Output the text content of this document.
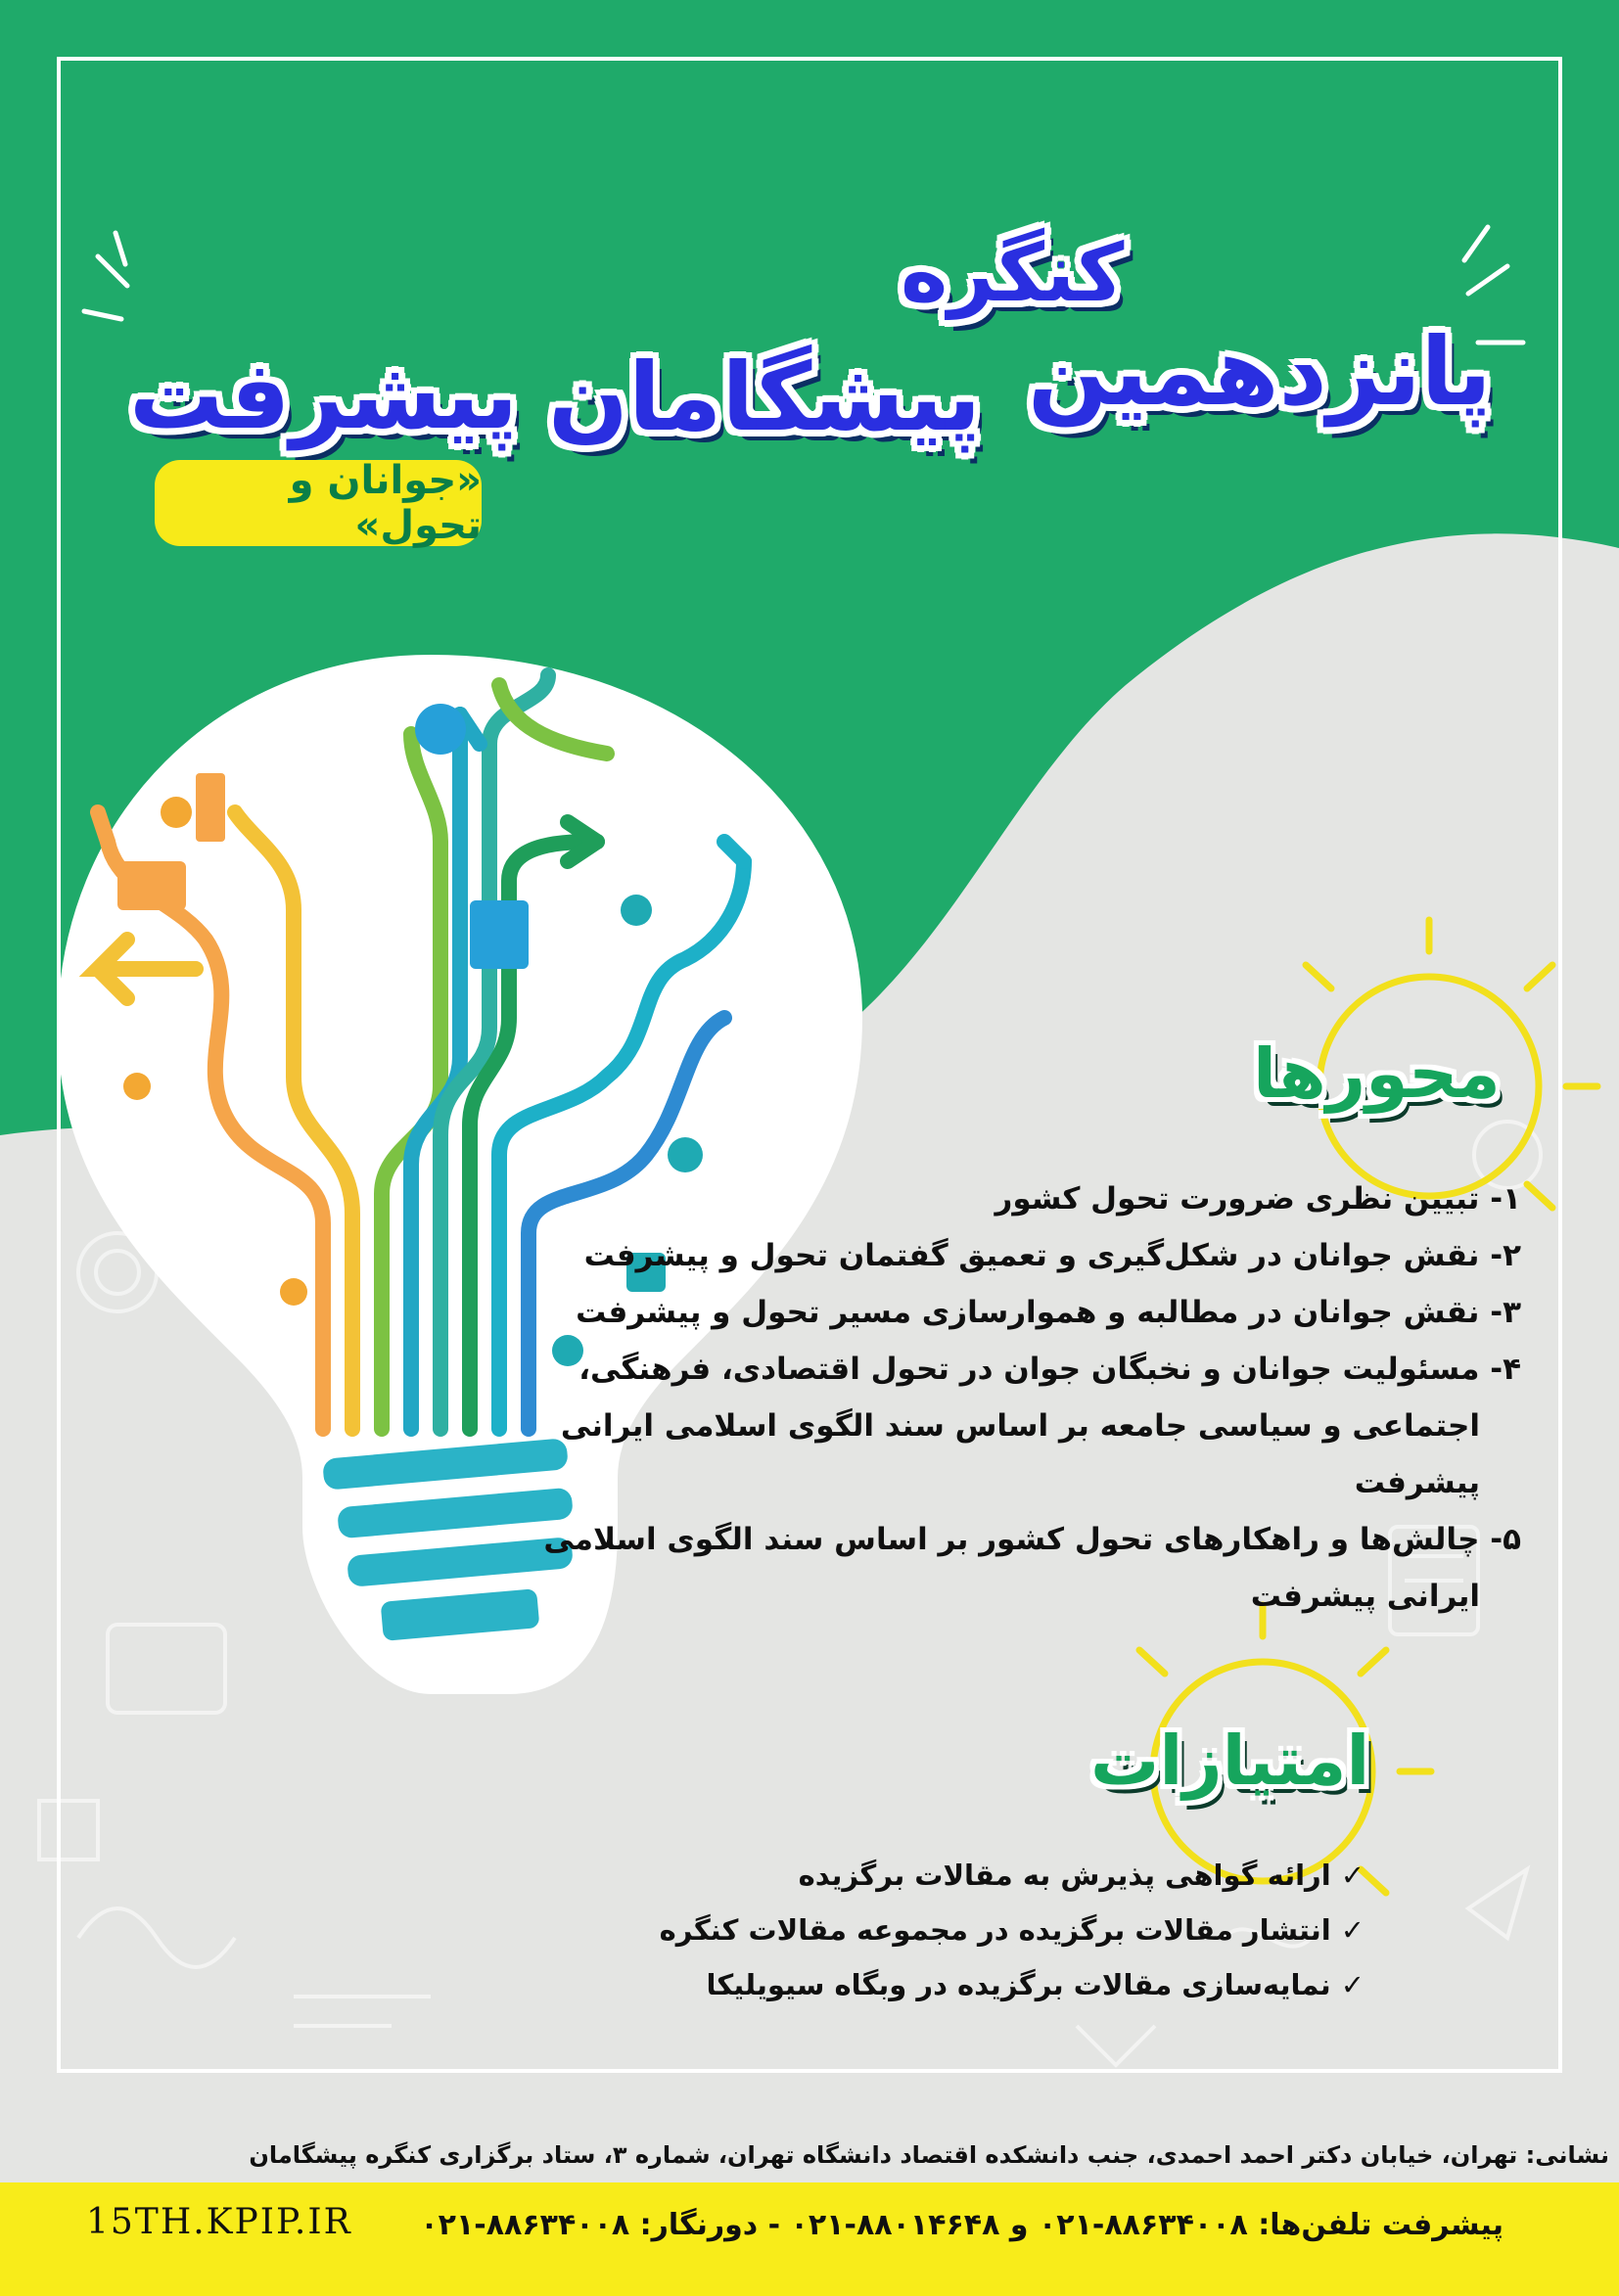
کنگره
پیشرفت پیشگامان پانزدهمین
«جوانان و تحول»
محورها
۱- تبیین نظری ضرورت تحول کشور
۲- نقش جوانان در شکل‌گیری و تعمیق گفتمان تحول و پیشرفت
۳- نقش جوانان در مطالبه و هموارسازی مسیر تحول و پیشرفت
۴- مسئولیت جوانان و نخبگان جوان در تحول اقتصادی، فرهنگی،
اجتماعی و سیاسی جامعه بر اساس سند الگوی اسلامی ایرانی پیشرفت
۵- چالش‌ها و راهکارهای تحول کشور بر اساس سند الگوی اسلامی
ایرانی پیشرفت
امتیازات
✓ارائه گواهی پذیرش به مقالات برگزیده
✓انتشار مقالات برگزیده در مجموعه مقالات کنگره
✓نمایه‌سازی مقالات برگزیده در وبگاه سیویلیکا
نشانی: تهران، خیابان دکتر احمد احمدی، جنب دانشکده اقتصاد دانشگاه تهران، شماره ۳، ستاد برگزاری کنگره پیشگامان
پیشرفت تلفن‌ها: ۸۸۶۳۴۰۰۸-۰۲۱ و ۸۸۰۱۴۶۴۸-۰۲۱ - دورنگار: ۸۸۶۳۴۰۰۸-۰۲۱
15TH.KPIP.IR
